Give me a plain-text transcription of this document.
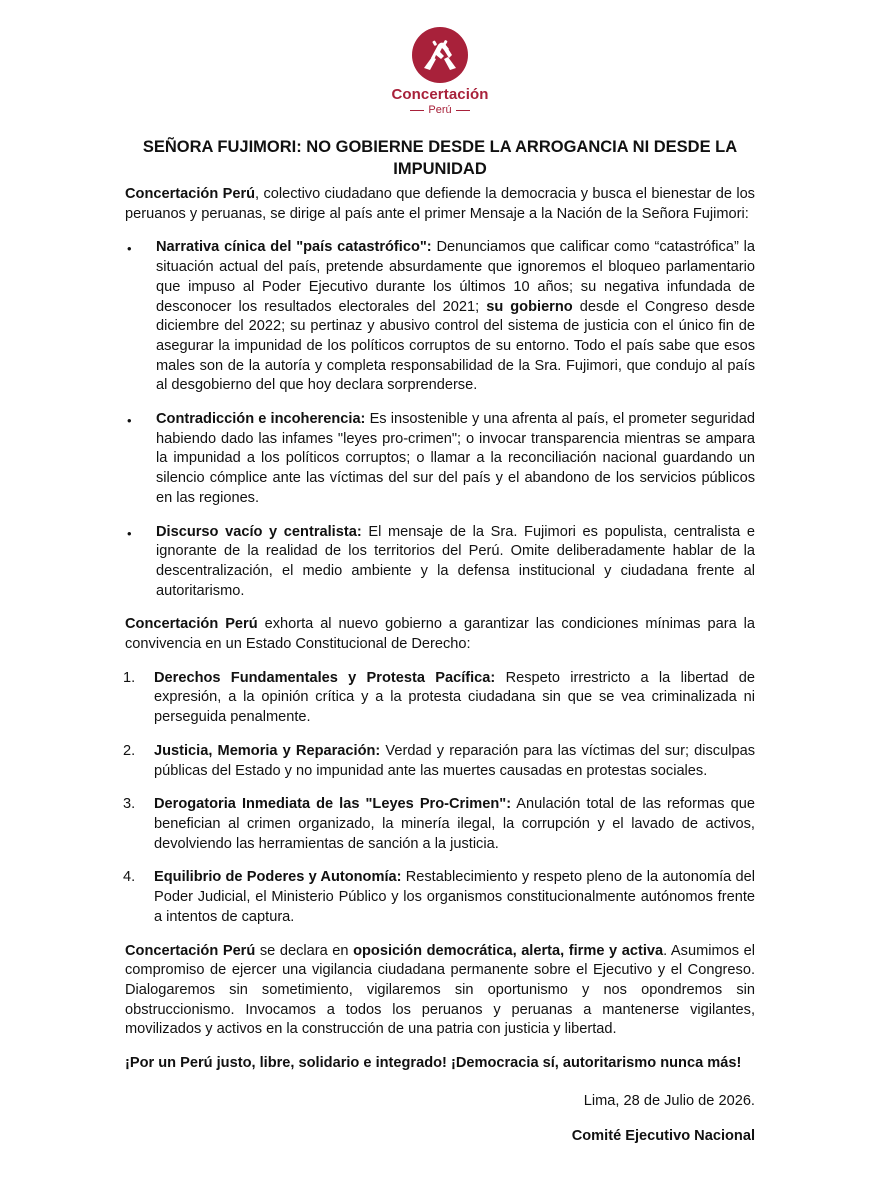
Concertación
Perú
SEÑORA FUJIMORI: NO GOBIERNE DESDE LA ARROGANCIA NI DESDE LA IMPUNIDAD

Concertación Perú, colectivo ciudadano que defiende la democracia y busca el bienestar de los peruanos y peruanas, se dirige al país ante el primer Mensaje a la Nación de la Señora Fujimori:

•	Narrativa cínica del "país catastrófico": Denunciamos que calificar como “catastrófica” la situación actual del país, pretende absurdamente que ignoremos el bloqueo parlamentario que impuso al Poder Ejecutivo durante los últimos 10 años; su negativa infundada de desconocer los resultados electorales del 2021; su gobierno desde el Congreso desde diciembre del 2022; su pertinaz y abusivo control del sistema de justicia con el único fin de asegurar la impunidad de los políticos corruptos de su entorno. Todo el país sabe que esos males son de la autoría y completa responsabilidad de la Sra. Fujimori, que condujo al país al desgobierno del que hoy declara sorprenderse.
•	Contradicción e incoherencia: Es insostenible y una afrenta al país, el prometer seguridad habiendo dado las infames "leyes pro-crimen"; o invocar transparencia mientras se ampara la impunidad a los políticos corruptos; o llamar a la reconciliación nacional guardando un silencio cómplice ante las víctimas del sur del país y el abandono de los servicios públicos en las regiones.
•	Discurso vacío y centralista: El mensaje de la Sra. Fujimori es populista, centralista e ignorante de la realidad de los territorios del Perú. Omite deliberadamente hablar de la descentralización, el medio ambiente y la defensa institucional y ciudadana frente al autoritarismo.

Concertación Perú exhorta al nuevo gobierno a garantizar las condiciones mínimas para la convivencia en un Estado Constitucional de Derecho:

1.	Derechos Fundamentales y Protesta Pacífica: Respeto irrestricto a la libertad de expresión, a la opinión crítica y a la protesta ciudadana sin que se vea criminalizada ni perseguida penalmente.
2.	Justicia, Memoria y Reparación: Verdad y reparación para las víctimas del sur; disculpas públicas del Estado y no impunidad ante las muertes causadas en protestas sociales.
3.	Derogatoria Inmediata de las "Leyes Pro-Crimen": Anulación total de las reformas que benefician al crimen organizado, la minería ilegal, la corrupción y el lavado de activos, devolviendo las herramientas de sanción a la justicia.
4.	Equilibrio de Poderes y Autonomía: Restablecimiento y respeto pleno de la autonomía del Poder Judicial, el Ministerio Público y los organismos constitucionalmente autónomos frente a intentos de captura.

Concertación Perú se declara en oposición democrática, alerta, firme y activa. Asumimos el compromiso de ejercer una vigilancia ciudadana permanente sobre el Ejecutivo y el Congreso. Dialogaremos sin sometimiento, vigilaremos sin oportunismo y nos opondremos sin obstruccionismo. Invocamos a todos los peruanos y peruanas a mantenerse vigilantes, movilizados y activos en la construcción de una patria con justicia y libertad.

¡Por un Perú justo, libre, solidario e integrado! ¡Democracia sí, autoritarismo nunca más!

Lima, 28 de Julio de 2026.

Comité Ejecutivo Nacional
